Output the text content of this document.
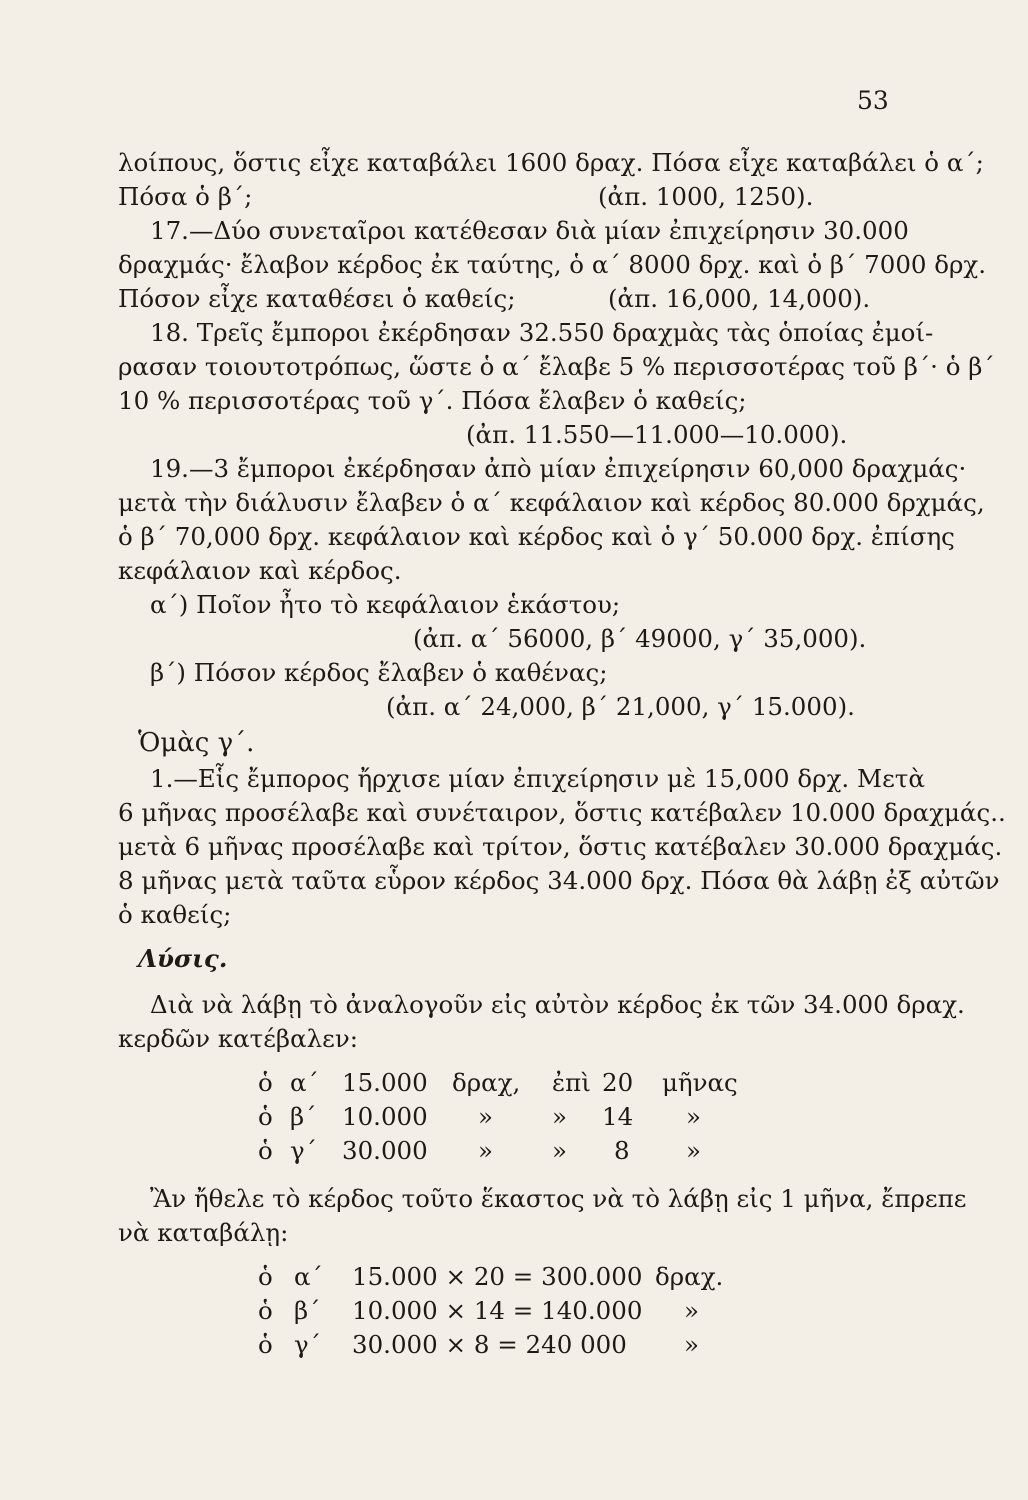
53
λοίπους, ὅστις εἶχε καταβάλει 1600 δραχ. Πόσα εἶχε καταβάλει ὁ α΄;
Πόσα ὁ β΄;	(ἀπ. 1000, 1250).
17.—Δύο συνεταῖροι κατέθεσαν διὰ μίαν ἐπιχείρησιν 30.000
δραχμάς· ἔλαβον κέρδος ἐκ ταύτης, ὁ α΄ 8000 δρχ. καὶ ὁ β΄ 7000 δρχ.
Πόσον εἶχε καταθέσει ὁ καθείς;	(ἀπ. 16,000, 14,000).
18. Τρεῖς ἔμποροι ἐκέρδησαν 32.550 δραχμὰς τὰς ὁποίας ἐμοί-
ρασαν τοιουτοτρόπως, ὥστε ὁ α΄ ἔλαβε 5 % περισσοτέρας τοῦ β΄· ὁ β΄
10 % περισσοτέρας τοῦ γ΄. Πόσα ἔλαβεν ὁ καθείς;
(ἀπ. 11.550—11.000—10.000).
19.—3 ἔμποροι ἐκέρδησαν ἀπὸ μίαν ἐπιχείρησιν 60,000 δραχμάς·
μετὰ τὴν διάλυσιν ἔλαβεν ὁ α΄ κεφάλαιον καὶ κέρδος 80.000 δρχμάς,
ὁ β΄ 70,000 δρχ. κεφάλαιον καὶ κέρδος καὶ ὁ γ΄ 50.000 δρχ. ἐπίσης
κεφάλαιον καὶ κέρδος.
α΄) Ποῖον ἦτο τὸ κεφάλαιον ἑκάστου;
(ἀπ. α΄ 56000, β΄ 49000, γ΄ 35,000).
β΄) Πόσον κέρδος ἔλαβεν ὁ καθένας;
(ἀπ. α΄ 24,000, β΄ 21,000, γ΄ 15.000).
Ὁμὰς γ΄.
1.—Εἷς ἔμπορος ἤρχισε μίαν ἐπιχείρησιν μὲ 15,000 δρχ. Μετὰ
6 μῆνας προσέλαβε καὶ συνέταιρον, ὅστις κατέβαλεν 10.000 δραχμάς..
μετὰ 6 μῆνας προσέλαβε καὶ τρίτον, ὅστις κατέβαλεν 30.000 δραχμάς.
8 μῆνας μετὰ ταῦτα εὗρον κέρδος 34.000 δρχ. Πόσα θὰ λάβῃ ἐξ αὐτῶν
ὁ καθείς;
Λύσις.
Διὰ νὰ λάβῃ τὸ ἀναλογοῦν εἰς αὐτὸν κέρδος ἐκ τῶν 34.000 δραχ.
κερδῶν κατέβαλεν:
ὁ α΄ 15.000 δραχ, ἐπὶ 20 μῆνας
ὁ β΄ 10.000 » » 14 »
ὁ γ΄ 30.000 » » 8 »
Ἂν ἤθελε τὸ κέρδος τοῦτο ἕκαστος νὰ τὸ λάβῃ εἰς 1 μῆνα, ἔπρεπε
νὰ καταβάλῃ:
ὁ α΄ 15.000 × 20 = 300.000 δραχ.
ὁ β΄ 10.000 × 14 = 140.000 »
ὁ γ΄ 30.000 × 8 = 240 000 »
